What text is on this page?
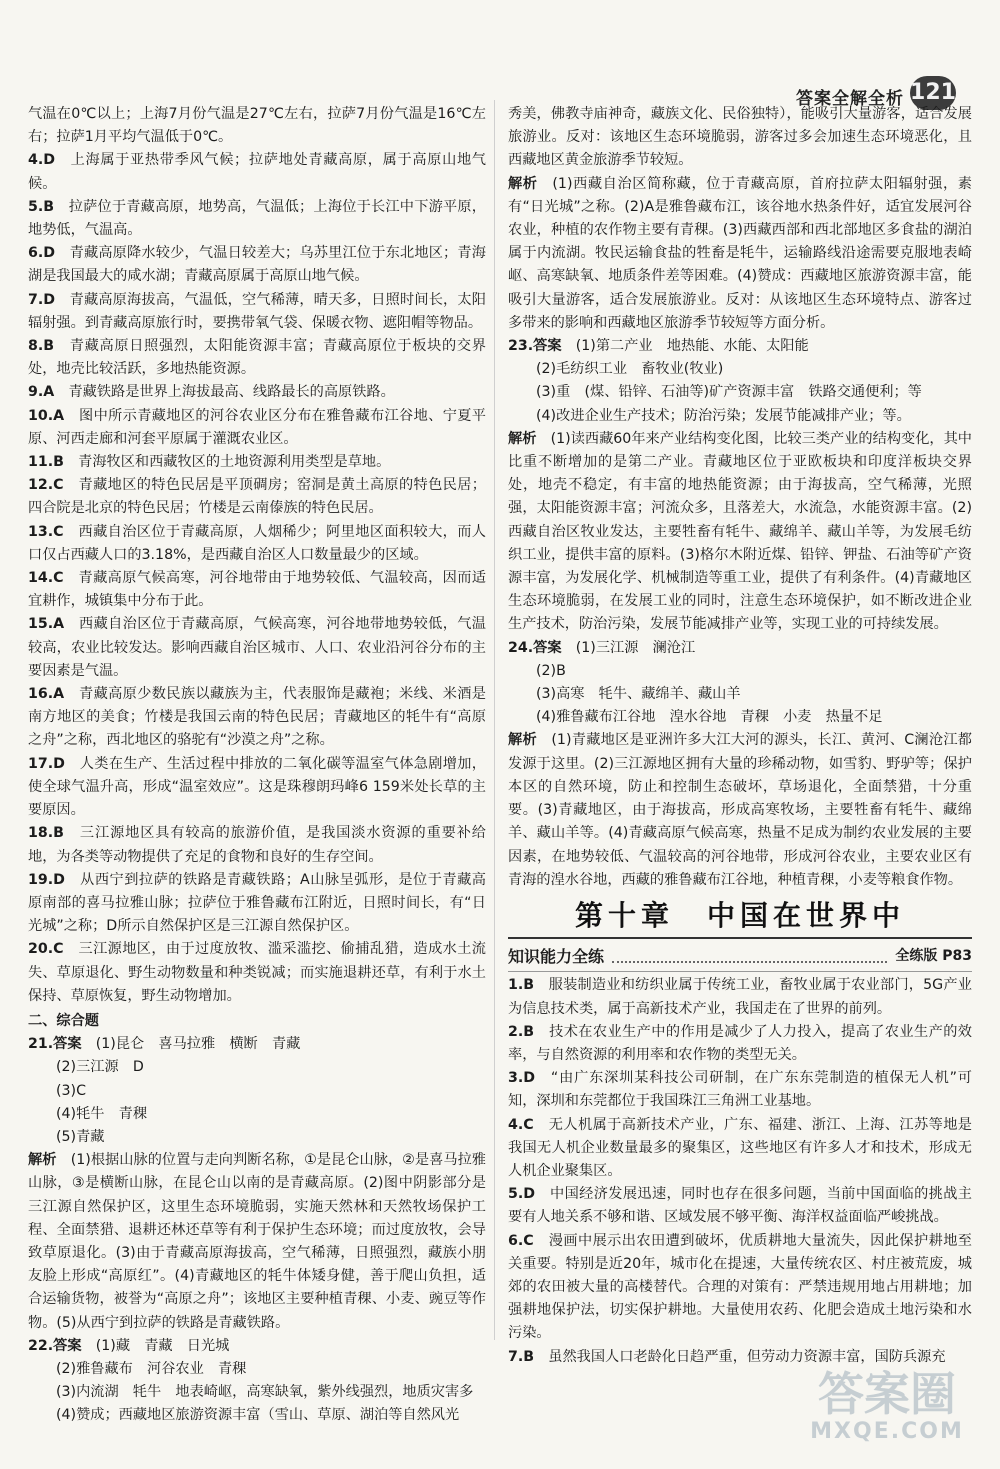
答案全解全析 121

气温在0℃以上；上海7月份气温是27℃左右，拉萨7月份气温是16℃左右；拉萨1月平均气温低于0℃。

4.D　 上海属于亚热带季风气候；拉萨地处青藏高原，属于高原山地气候。

5.B　 拉萨位于青藏高原，地势高，气温低；上海位于长江中下游平原，地势低，气温高。

6.D　 青藏高原降水较少，气温日较差大；乌苏里江位于东北地区；青海湖是我国最大的咸水湖；青藏高原属于高原山地气候。

7.D　 青藏高原海拔高，气温低，空气稀薄，晴天多，日照时间长，太阳辐射强。到青藏高原旅行时，要携带氧气袋、保暖衣物、遮阳帽等物品。

8.B　 青藏高原日照强烈，太阳能资源丰富；青藏高原位于板块的交界处，地壳比较活跃，多地热能资源。

9.A　 青藏铁路是世界上海拔最高、线路最长的高原铁路。

10.A　 图中所示青藏地区的河谷农业区分布在雅鲁藏布江谷地、宁夏平原、河西走廊和河套平原属于灌溉农业区。

11.B　 青海牧区和西藏牧区的土地资源利用类型是草地。

12.C　 青藏地区的特色民居是平顶碉房；窑洞是黄土高原的特色民居；四合院是北京的特色民居；竹楼是云南傣族的特色民居。

13.C　 西藏自治区位于青藏高原，人烟稀少；阿里地区面积较大，而人口仅占西藏人口的3.18%，是西藏自治区人口数量最少的区域。

14.C　 青藏高原气候高寒，河谷地带由于地势较低、气温较高，因而适宜耕作，城镇集中分布于此。

15.A　 西藏自治区位于青藏高原，气候高寒，河谷地带地势较低，气温较高，农业比较发达。影响西藏自治区城市、人口、农业沿河谷分布的主要因素是气温。

16.A　 青藏高原少数民族以藏族为主，代表服饰是藏袍；米线、米酒是南方地区的美食；竹楼是我国云南的特色民居；青藏地区的牦牛有“高原之舟”之称，西北地区的骆驼有“沙漠之舟”之称。

17.D　 人类在生产、生活过程中排放的二氧化碳等温室气体急剧增加，使全球气温升高，形成“温室效应”。这是珠穆朗玛峰6 159米处长草的主要原因。

18.B　 三江源地区具有较高的旅游价值，是我国淡水资源的重要补给地，为各类等动物提供了充足的食物和良好的生存空间。

19.D　 从西宁到拉萨的铁路是青藏铁路；A山脉呈弧形，是位于青藏高原南部的喜马拉雅山脉；拉萨位于雅鲁藏布江附近，日照时间长，有“日光城”之称；D所示自然保护区是三江源自然保护区。

20.C　 三江源地区，由于过度放牧、滥采滥挖、偷捕乱猎，造成水土流失、草原退化、野生动物数量和种类锐减；而实施退耕还草，有利于水土保持、草原恢复，野生动物增加。

二、综合题

21.答案　 (1)昆仑　喜马拉雅　横断　青藏

(2)三江源　D

(3)C

(4)牦牛　青稞

(5)青藏

解析　 (1)根据山脉的位置与走向判断名称，①是昆仑山脉，②是喜马拉雅山脉，③是横断山脉，在昆仑山以南的是青藏高原。(2)图中阴影部分是三江源自然保护区，这里生态环境脆弱，实施天然林和天然牧场保护工程、全面禁猎、退耕还林还草等有利于保护生态环境；而过度放牧，会导致草原退化。(3)由于青藏高原海拔高，空气稀薄，日照强烈，藏族小朋友脸上形成“高原红”。(4)青藏地区的牦牛体矮身健，善于爬山负担，适合运输货物，被誉为“高原之舟”；该地区主要种植青稞、小麦、豌豆等作物。(5)从西宁到拉萨的铁路是青藏铁路。

22.答案　 (1)藏　青藏　日光城

(2)雅鲁藏布　河谷农业　青稞

(3)内流湖　牦牛　地表崎岖，高寒缺氧，紫外线强烈，地质灾害多

(4)赞成；西藏地区旅游资源丰富（雪山、草原、湖泊等自然风光

秀美，佛教寺庙神奇，藏族文化、民俗独特），能吸引大量游客，适合发展旅游业。反对：该地区生态环境脆弱，游客过多会加速生态环境恶化，且西藏地区黄金旅游季节较短。

解析　 (1)西藏自治区简称藏，位于青藏高原，首府拉萨太阳辐射强，素有“日光城”之称。(2)A是雅鲁藏布江，该谷地水热条件好，适宜发展河谷农业，种植的农作物主要有青稞。(3)西藏西部和西北部地区多食盐的湖泊属于内流湖。牧民运输食盐的牲畜是牦牛，运输路线沿途需要克服地表崎岖、高寒缺氧、地质条件差等困难。(4)赞成：西藏地区旅游资源丰富，能吸引大量游客，适合发展旅游业。反对：从该地区生态环境特点、游客过多带来的影响和西藏地区旅游季节较短等方面分析。

23.答案　 (1)第二产业　地热能、水能、太阳能

(2)毛纺织工业　畜牧业(牧业)

(3)重　(煤、铅锌、石油等)矿产资源丰富　铁路交通便利；等

(4)改进企业生产技术；防治污染；发展节能减排产业；等。

解析　 (1)读西藏60年来产业结构变化图，比较三类产业的结构变化，其中比重不断增加的是第二产业。青藏地区位于亚欧板块和印度洋板块交界处，地壳不稳定，有丰富的地热能资源；由于海拔高，空气稀薄，光照强，太阳能资源丰富；河流众多，且落差大，水流急，水能资源丰富。(2)西藏自治区牧业发达，主要牲畜有牦牛、藏绵羊、藏山羊等，为发展毛纺织工业，提供丰富的原料。(3)格尔木附近煤、铅锌、钾盐、石油等矿产资源丰富，为发展化学、机械制造等重工业，提供了有利条件。(4)青藏地区生态环境脆弱，在发展工业的同时，注意生态环境保护，如不断改进企业生产技术，防治污染，发展节能减排产业等，实现工业的可持续发展。

24.答案　 (1)三江源　澜沧江

(2)B

(3)高寒　牦牛、藏绵羊、藏山羊

(4)雅鲁藏布江谷地　湟水谷地　青稞　小麦　热量不足

解析　 (1)青藏地区是亚洲许多大江大河的源头，长江、黄河、C澜沧江都发源于这里。(2)三江源地区拥有大量的珍稀动物，如雪豹、野驴等；保护本区的自然环境，防止和控制生态破坏，草场退化，全面禁猎，十分重要。(3)青藏地区，由于海拔高，形成高寒牧场，主要牲畜有牦牛、藏绵羊、藏山羊等。(4)青藏高原气候高寒，热量不足成为制约农业发展的主要因素，在地势较低、气温较高的河谷地带，形成河谷农业，主要农业区有青海的湟水谷地，西藏的雅鲁藏布江谷地，种植青稞，小麦等粮食作物。

第十章　中国在世界中
知识能力全练	全练版 P83

1.B　 服装制造业和纺织业属于传统工业，畜牧业属于农业部门，5G产业为信息技术类，属于高新技术产业，我国走在了世界的前列。

2.B　 技术在农业生产中的作用是减少了人力投入，提高了农业生产的效率，与自然资源的利用率和农作物的类型无关。

3.D　 “由广东深圳某科技公司研制，在广东东莞制造的植保无人机”可知，深圳和东莞都位于我国珠江三角洲工业基地。

4.C　 无人机属于高新技术产业，广东、福建、浙江、上海、江苏等地是我国无人机企业数量最多的聚集区，这些地区有许多人才和技术，形成无人机企业聚集区。

5.D　 中国经济发展迅速，同时也存在很多问题，当前中国面临的挑战主要有人地关系不够和谐、区域发展不够平衡、海洋权益面临严峻挑战。

6.C　 漫画中展示出农田遭到破坏，优质耕地大量流失，因此保护耕地至关重要。特别是近20年，城市化在提速，大量传统农区、村庄被荒废，城郊的农田被大量的高楼替代。合理的对策有：严禁违规用地占用耕地；加强耕地保护法，切实保护耕地。大量使用农药、化肥会造成土地污染和水污染。

7.B　 虽然我国人口老龄化日趋严重，但劳动力资源丰富，国防兵源充

答案圈
MXQE.COM
